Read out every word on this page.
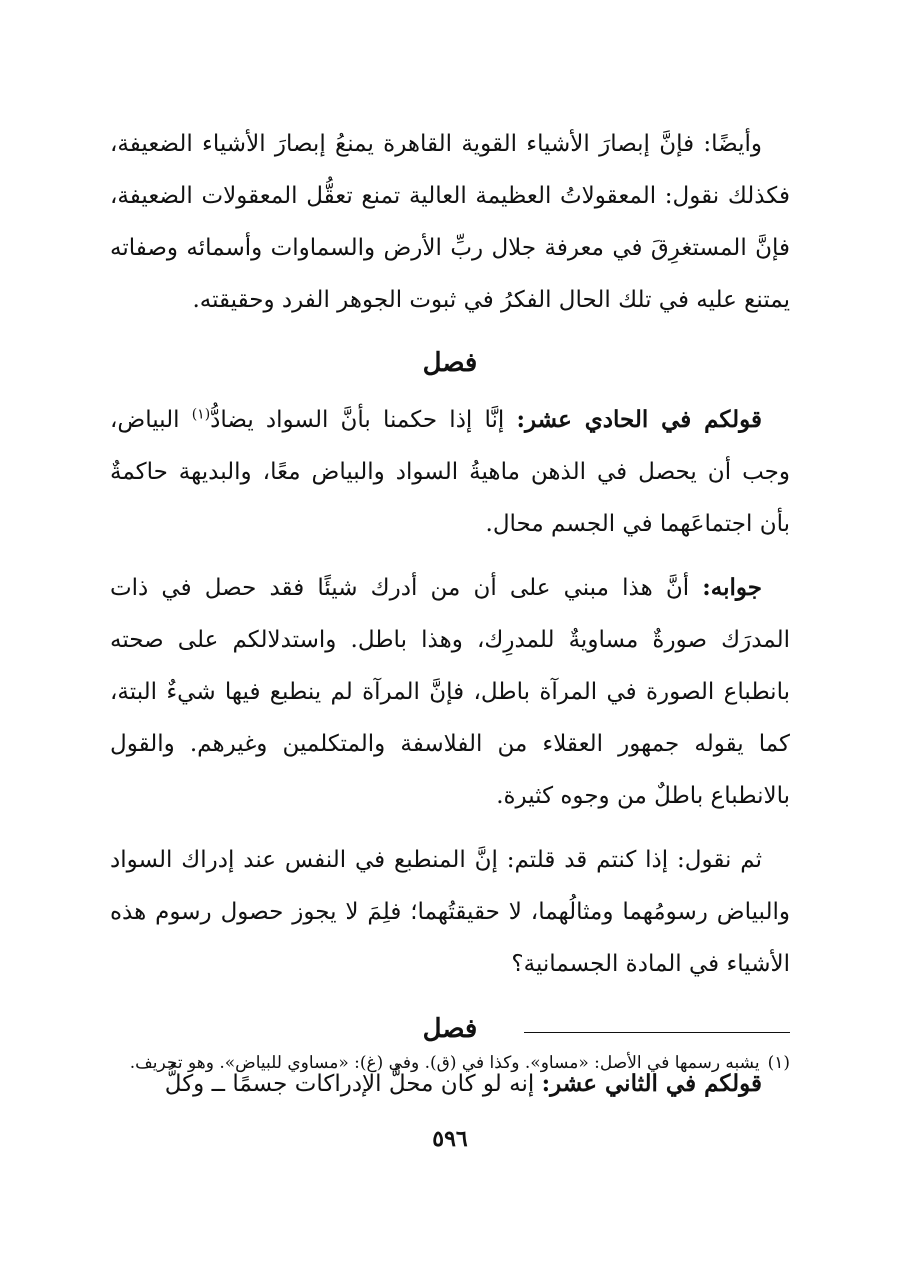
وأيضًا: فإنَّ إبصارَ الأشياء القوية القاهرة يمنعُ إبصارَ الأشياء الضعيفة، فكذلك نقول: المعقولاتُ العظيمة العالية تمنع تعقُّل المعقولات الضعيفة، فإنَّ المستغرِقَ في معرفة جلال ربِّ الأرض والسماوات وأسمائه وصفاته يمتنع عليه في تلك الحال الفكرُ في ثبوت الجوهر الفرد وحقيقته.

فصل

قولكم في الحادي عشر: إنَّا إذا حكمنا بأنَّ السواد يضادُّ$^{(١)}$ البياض، وجب أن يحصل في الذهن ماهيةُ السواد والبياض معًا، والبديهة حاكمةٌ بأن اجتماعَهما في الجسم محال.

جوابه: أنَّ هذا مبني على أن من أدرك شيئًا فقد حصل في ذات المدرَك صورةٌ مساويةٌ للمدرِك، وهذا باطل. واستدلالكم على صحته بانطباع الصورة في المرآة باطل، فإنَّ المرآة لم ينطبع فيها شيءٌ البتة، كما يقوله جمهور العقلاء من الفلاسفة والمتكلمين وغيرهم. والقول بالانطباع باطلٌ من وجوه كثيرة.

ثم نقول: إذا كنتم قد قلتم: إنَّ المنطبع في النفس عند إدراك السواد والبياض رسومُهما ومثالُهما، لا حقيقتُهما؛ فلِمَ لا يجوز حصول رسوم هذه الأشياء في المادة الجسمانية؟

فصل

قولكم في الثاني عشر: إنه لو كان محلُّ الإدراكات جسمًا ــ وكلُّ

(١)يشبه رسمها في الأصل: «مساو». وكذا في (ق). وفي (غ): «مساوي للبياض». وهو تحريف.

٥٩٦
